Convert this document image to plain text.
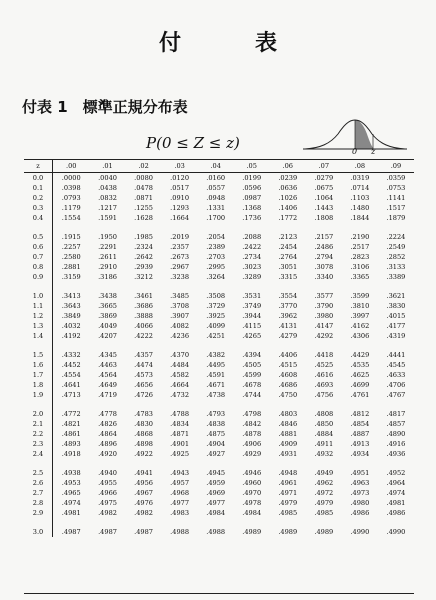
付　表
付表 1　標準正規分布表
P(0 ≤ Z ≤ z)	0 z
z	.00	.01	.02	.03	.04	.05	.06	.07	.08	.09
0.0	.0000	.0040	.0080	.0120	.0160	.0199	.0239	.0279	.0319	.0359
0.1	.0398	.0438	.0478	.0517	.0557	.0596	.0636	.0675	.0714	.0753
0.2	.0793	.0832	.0871	.0910	.0948	.0987	.1026	.1064	.1103	.1141
0.3	.1179	.1217	.1255	.1293	.1331	.1368	.1406	.1443	.1480	.1517
0.4	.1554	.1591	.1628	.1664	.1700	.1736	.1772	.1808	.1844	.1879

0.5	.1915	.1950	.1985	.2019	.2054	.2088	.2123	.2157	.2190	.2224
0.6	.2257	.2291	.2324	.2357	.2389	.2422	.2454	.2486	.2517	.2549
0.7	.2580	.2611	.2642	.2673	.2703	.2734	.2764	.2794	.2823	.2852
0.8	.2881	.2910	.2939	.2967	.2995	.3023	.3051	.3078	.3106	.3133
0.9	.3159	.3186	.3212	.3238	.3264	.3289	.3315	.3340	.3365	.3389

1.0	.3413	.3438	.3461	.3485	.3508	.3531	.3554	.3577	.3599	.3621
1.1	.3643	.3665	.3686	.3708	.3729	.3749	.3770	.3790	.3810	.3830
1.2	.3849	.3869	.3888	.3907	.3925	.3944	.3962	.3980	.3997	.4015
1.3	.4032	.4049	.4066	.4082	.4099	.4115	.4131	.4147	.4162	.4177
1.4	.4192	.4207	.4222	.4236	.4251	.4265	.4279	.4292	.4306	.4319

1.5	.4332	.4345	.4357	.4370	.4382	.4394	.4406	.4418	.4429	.4441
1.6	.4452	.4463	.4474	.4484	.4495	.4505	.4515	.4525	.4535	.4545
1.7	.4554	.4564	.4573	.4582	.4591	.4599	.4608	.4616	.4625	.4633
1.8	.4641	.4649	.4656	.4664	.4671	.4678	.4686	.4693	.4699	.4706
1.9	.4713	.4719	.4726	.4732	.4738	.4744	.4750	.4756	.4761	.4767

2.0	.4772	.4778	.4783	.4788	.4793	.4798	.4803	.4808	.4812	.4817
2.1	.4821	.4826	.4830	.4834	.4838	.4842	.4846	.4850	.4854	.4857
2.2	.4861	.4864	.4868	.4871	.4875	.4878	.4881	.4884	.4887	.4890
2.3	.4893	.4896	.4898	.4901	.4904	.4906	.4909	.4911	.4913	.4916
2.4	.4918	.4920	.4922	.4925	.4927	.4929	.4931	.4932	.4934	.4936

2.5	.4938	.4940	.4941	.4943	.4945	.4946	.4948	.4949	.4951	.4952
2.6	.4953	.4955	.4956	.4957	.4959	.4960	.4961	.4962	.4963	.4964
2.7	.4965	.4966	.4967	.4968	.4969	.4970	.4971	.4972	.4973	.4974
2.8	.4974	.4975	.4976	.4977	.4977	.4978	.4979	.4979	.4980	.4981
2.9	.4981	.4982	.4982	.4983	.4984	.4984	.4985	.4985	.4986	.4986

3.0	.4987	.4987	.4987	.4988	.4988	.4989	.4989	.4989	.4990	.4990
